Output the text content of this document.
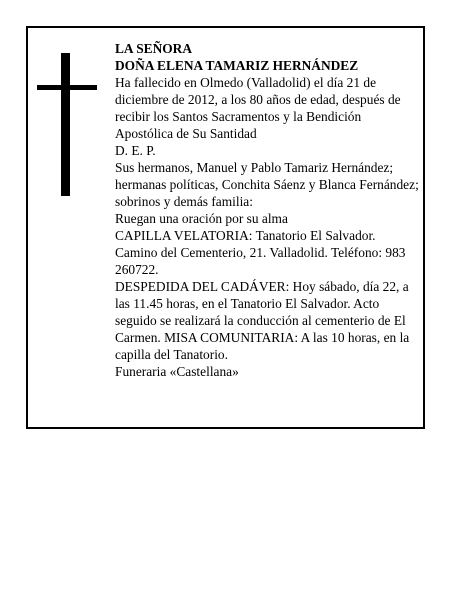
LA SEÑORA

DOÑA ELENA TAMARIZ HERNÁNDEZ

Ha fallecido en Olmedo (Valladolid) el día 21 de diciembre de 2012, a los 80 años de edad, después de recibir los Santos Sacramentos y la Bendición Apostólica de Su Santidad

D. E. P.

Sus hermanos, Manuel y Pablo Tamariz Hernández; hermanas políticas, Conchita Sáenz y Blanca Fernández; sobrinos y demás familia:

Ruegan una oración por su alma

CAPILLA VELATORIA: Tanatorio El Salvador. Camino del Cementerio, 21. Valladolid. Teléfono: 983 260722.

DESPEDIDA DEL CADÁVER: Hoy sábado, día 22, a las 11.45 horas, en el Tanatorio El Salvador. Acto seguido se realizará la conducción al cementerio de El Carmen. MISA COMUNITARIA: A las 10 horas, en la capilla del Tanatorio.

Funeraria «Castellana»
